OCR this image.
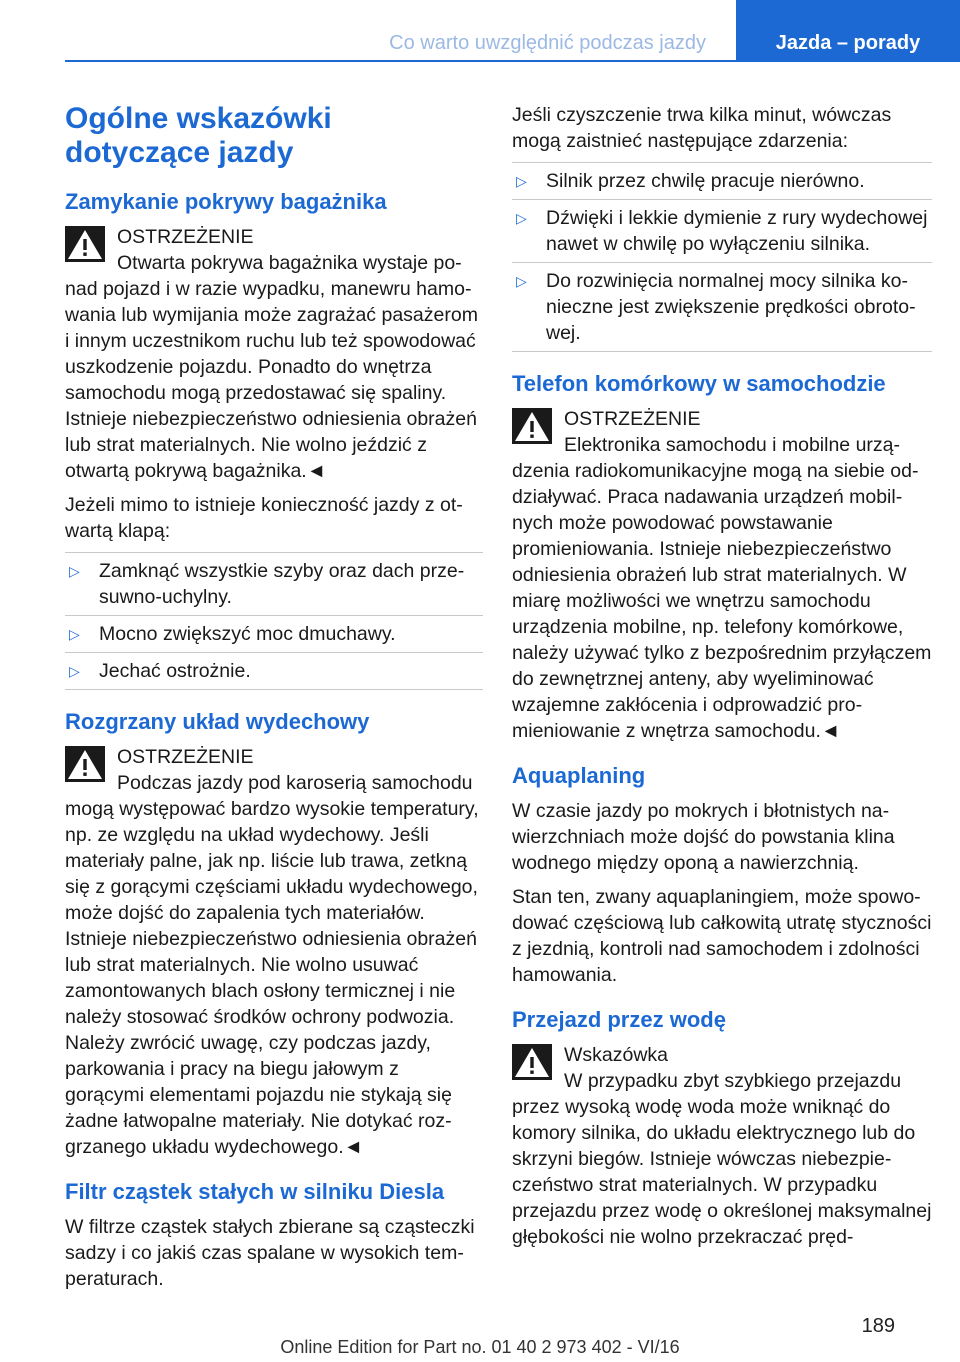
Co warto uwzględnić podczas jazdy	Jazda – porady
Ogólne wskazówki dotyczące jazdy
Zamykanie pokrywy bagażnika
OSTRZEŻENIE
Otwarta pokrywa bagażnika wystaje ponad pojazd i w razie wypadku, manewru hamowania lub wymijania może zagrażać pasażerom i innym uczestnikom ruchu lub też spowodować uszkodzenie pojazdu. Ponadto do wnętrza samochodu mogą przedostawać się spaliny. Istnieje niebezpieczeństwo odniesienia obrażeń lub strat materialnych. Nie wolno jeździć z otwartą pokrywą bagażnika.◄

Jeżeli mimo to istnieje konieczność jazdy z otwartą klapą:

▷ Zamknąć wszystkie szyby oraz dach przesuwno-uchylny.
▷ Mocno zwiększyć moc dmuchawy.
▷ Jechać ostrożnie.
Rozgrzany układ wydechowy
OSTRZEŻENIE
Podczas jazdy pod karoserią samochodu mogą występować bardzo wysokie temperatury, np. ze względu na układ wydechowy. Jeśli materiały palne, jak np. liście lub trawa, zetkną się z gorącymi częściami układu wydechowego, może dojść do zapalenia tych materiałów. Istnieje niebezpieczeństwo odniesienia obrażeń lub strat materialnych. Nie wolno usuwać zamontowanych blach osłony termicznej i nie należy stosować środków ochrony podwozia. Należy zwrócić uwagę, czy podczas jazdy, parkowania i pracy na biegu jałowym z gorącymi elementami pojazdu nie stykają się żadne łatwopalne materiały. Nie dotykać rozgrzanego układu wydechowego.◄
Filtr cząstek stałych w silniku Diesla

W filtrze cząstek stałych zbierane są cząsteczki sadzy i co jakiś czas spalane w wysokich temperaturach.

Jeśli czyszczenie trwa kilka minut, wówczas mogą zaistnieć następujące zdarzenia:

▷ Silnik przez chwilę pracuje nierówno.
▷ Dźwięki i lekkie dymienie z rury wydechowej nawet w chwilę po wyłączeniu silnika.
▷ Do rozwinięcia normalnej mocy silnika konieczne jest zwiększenie prędkości obrotowej.
Telefon komórkowy w samochodzie
OSTRZEŻENIE
Elektronika samochodu i mobilne urządzenia radiokomunikacyjne mogą na siebie oddziaływać. Praca nadawania urządzeń mobilnych może powodować powstawanie promieniowania. Istnieje niebezpieczeństwo odniesienia obrażeń lub strat materialnych. W miarę możliwości we wnętrzu samochodu urządzenia mobilne, np. telefony komórkowe, należy używać tylko z bezpośrednim przyłączem do zewnętrznej anteny, aby wyeliminować wzajemne zakłócenia i odprowadzić promieniowanie z wnętrza samochodu.◄
Aquaplaning

W czasie jazdy po mokrych i błotnistych nawierzchniach może dojść do powstania klina wodnego między oponą a nawierzchnią.

Stan ten, zwany aquaplaningiem, może spowodować częściową lub całkowitą utratę styczności z jezdnią, kontroli nad samochodem i zdolności hamowania.

Przejazd przez wodę
Wskazówka
W przypadku zbyt szybkiego przejazdu przez wysoką wodę woda może wniknąć do komory silnika, do układu elektrycznego lub do skrzyni biegów. Istnieje wówczas niebezpieczeństwo strat materialnych. W przypadku przejazdu przez wodę o określonej maksymalnej głębokości nie wolno przekraczać pręd-
189
Online Edition for Part no. 01 40 2 973 402 - VI/16
